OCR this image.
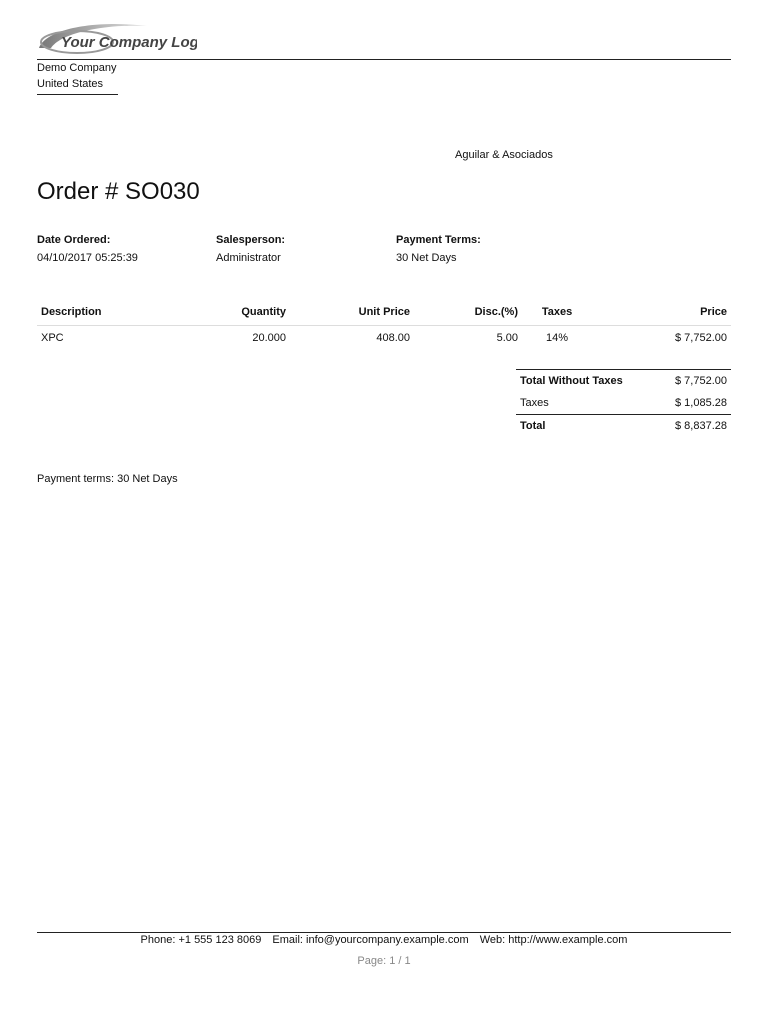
Your Company Logo
Demo Company
United States
Aguilar & Asociados
Order # SO030
Date Ordered:
04/10/2017 05:25:39
Salesperson:
Administrator
Payment Terms:
30 Net Days
Description	Quantity	Unit Price	Disc.(%)	Taxes	Price
XPC	20.000	408.00	5.00	14%	$ 7,752.00
Total Without Taxes	$ 7,752.00
Taxes	$ 1,085.28
Total	$ 8,837.28
Payment terms: 30 Net Days
Phone: +1 555 123 8069 Email: info@yourcompany.example.com Web: http://www.example.com
Page: 1 / 1
